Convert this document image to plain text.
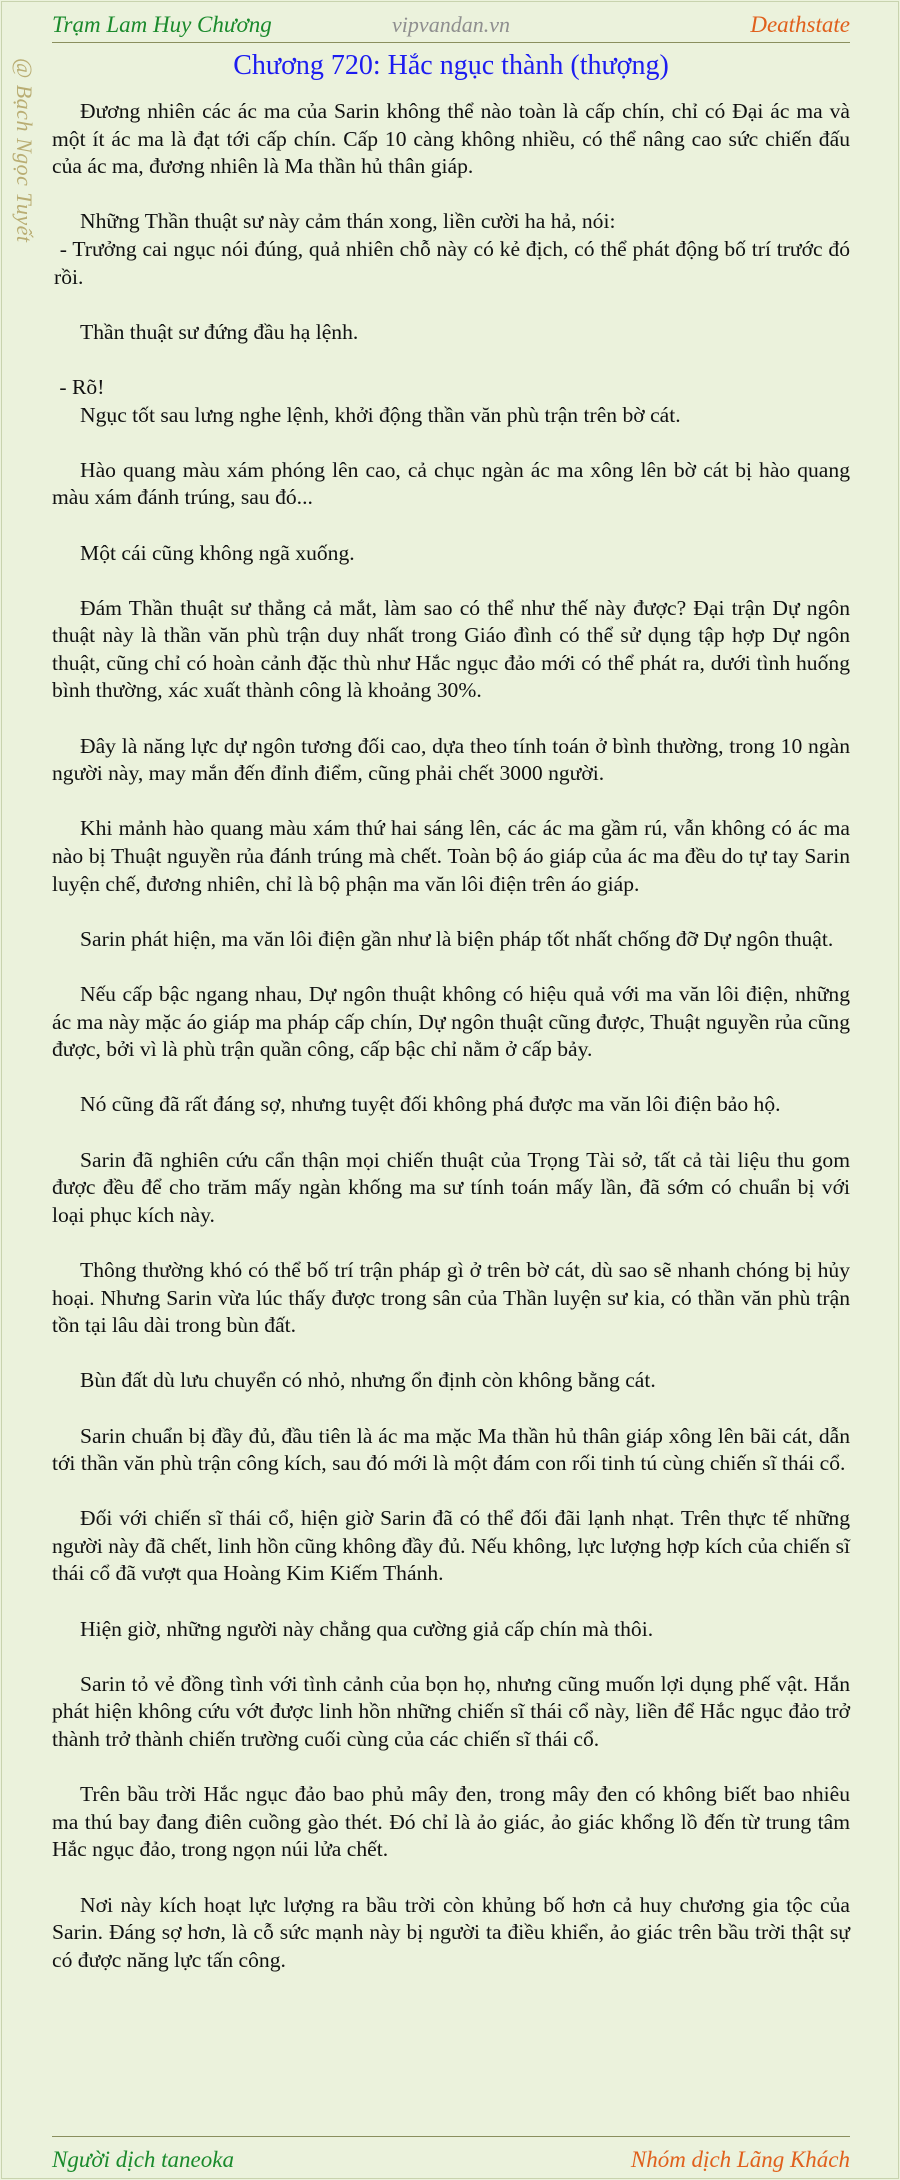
Trạm Lam Huy Chương	vipvandan.vn	Deathstate
@ Bạch Ngọc Tuyết	Chương 720: Hắc ngục thành (thượng)

Đương nhiên các ác ma của Sarin không thể nào toàn là cấp chín, chỉ có Đại ác ma và một ít ác ma là đạt tới cấp chín. Cấp 10 càng không nhiều, có thể nâng cao sức chiến đấu của ác ma, đương nhiên là Ma thần hủ thân giáp.

Những Thần thuật sư này cảm thán xong, liền cười ha hả, nói:
- Trưởng cai ngục nói đúng, quả nhiên chỗ này có kẻ địch, có thể phát động bố trí trước đó rồi.

Thần thuật sư đứng đầu hạ lệnh.

- Rõ!
Ngục tốt sau lưng nghe lệnh, khởi động thần văn phù trận trên bờ cát.

Hào quang màu xám phóng lên cao, cả chục ngàn ác ma xông lên bờ cát bị hào quang màu xám đánh trúng, sau đó...

Một cái cũng không ngã xuống.

Đám Thần thuật sư thẳng cả mắt, làm sao có thể như thế này được? Đại trận Dự ngôn thuật này là thần văn phù trận duy nhất trong Giáo đình có thể sử dụng tập hợp Dự ngôn thuật, cũng chỉ có hoàn cảnh đặc thù như Hắc ngục đảo mới có thể phát ra, dưới tình huống bình thường, xác xuất thành công là khoảng 30%.

Đây là năng lực dự ngôn tương đối cao, dựa theo tính toán ở bình thường, trong 10 ngàn người này, may mắn đến đỉnh điểm, cũng phải chết 3000 người.

Khi mảnh hào quang màu xám thứ hai sáng lên, các ác ma gầm rú, vẫn không có ác ma nào bị Thuật nguyền rủa đánh trúng mà chết. Toàn bộ áo giáp của ác ma đều do tự tay Sarin luyện chế, đương nhiên, chỉ là bộ phận ma văn lôi điện trên áo giáp.

Sarin phát hiện, ma văn lôi điện gần như là biện pháp tốt nhất chống đỡ Dự ngôn thuật.

Nếu cấp bậc ngang nhau, Dự ngôn thuật không có hiệu quả với ma văn lôi điện, những ác ma này mặc áo giáp ma pháp cấp chín, Dự ngôn thuật cũng được, Thuật nguyền rủa cũng được, bởi vì là phù trận quần công, cấp bậc chỉ nằm ở cấp bảy.

Nó cũng đã rất đáng sợ, nhưng tuyệt đối không phá được ma văn lôi điện bảo hộ.

Sarin đã nghiên cứu cẩn thận mọi chiến thuật của Trọng Tài sở, tất cả tài liệu thu gom được đều để cho trăm mấy ngàn khống ma sư tính toán mấy lần, đã sớm có chuẩn bị với loại phục kích này.

Thông thường khó có thể bố trí trận pháp gì ở trên bờ cát, dù sao sẽ nhanh chóng bị hủy hoại. Nhưng Sarin vừa lúc thấy được trong sân của Thần luyện sư kia, có thần văn phù trận tồn tại lâu dài trong bùn đất.

Bùn đất dù lưu chuyển có nhỏ, nhưng ổn định còn không bằng cát.

Sarin chuẩn bị đầy đủ, đầu tiên là ác ma mặc Ma thần hủ thân giáp xông lên bãi cát, dẫn tới thần văn phù trận công kích, sau đó mới là một đám con rối tinh tú cùng chiến sĩ thái cổ.

Đối với chiến sĩ thái cổ, hiện giờ Sarin đã có thể đối đãi lạnh nhạt. Trên thực tế những người này đã chết, linh hồn cũng không đầy đủ. Nếu không, lực lượng hợp kích của chiến sĩ thái cổ đã vượt qua Hoàng Kim Kiếm Thánh.

Hiện giờ, những người này chẳng qua cường giả cấp chín mà thôi.

Sarin tỏ vẻ đồng tình với tình cảnh của bọn họ, nhưng cũng muốn lợi dụng phế vật. Hắn phát hiện không cứu vớt được linh hồn những chiến sĩ thái cổ này, liền để Hắc ngục đảo trở thành trở thành chiến trường cuối cùng của các chiến sĩ thái cổ.

Trên bầu trời Hắc ngục đảo bao phủ mây đen, trong mây đen có không biết bao nhiêu ma thú bay đang điên cuồng gào thét. Đó chỉ là ảo giác, ảo giác khổng lồ đến từ trung tâm Hắc ngục đảo, trong ngọn núi lửa chết.

Nơi này kích hoạt lực lượng ra bầu trời còn khủng bố hơn cả huy chương gia tộc của Sarin. Đáng sợ hơn, là cỗ sức mạnh này bị người ta điều khiển, ảo giác trên bầu trời thật sự có được năng lực tấn công.

Người dịch taneoka	Nhóm dịch Lãng Khách
